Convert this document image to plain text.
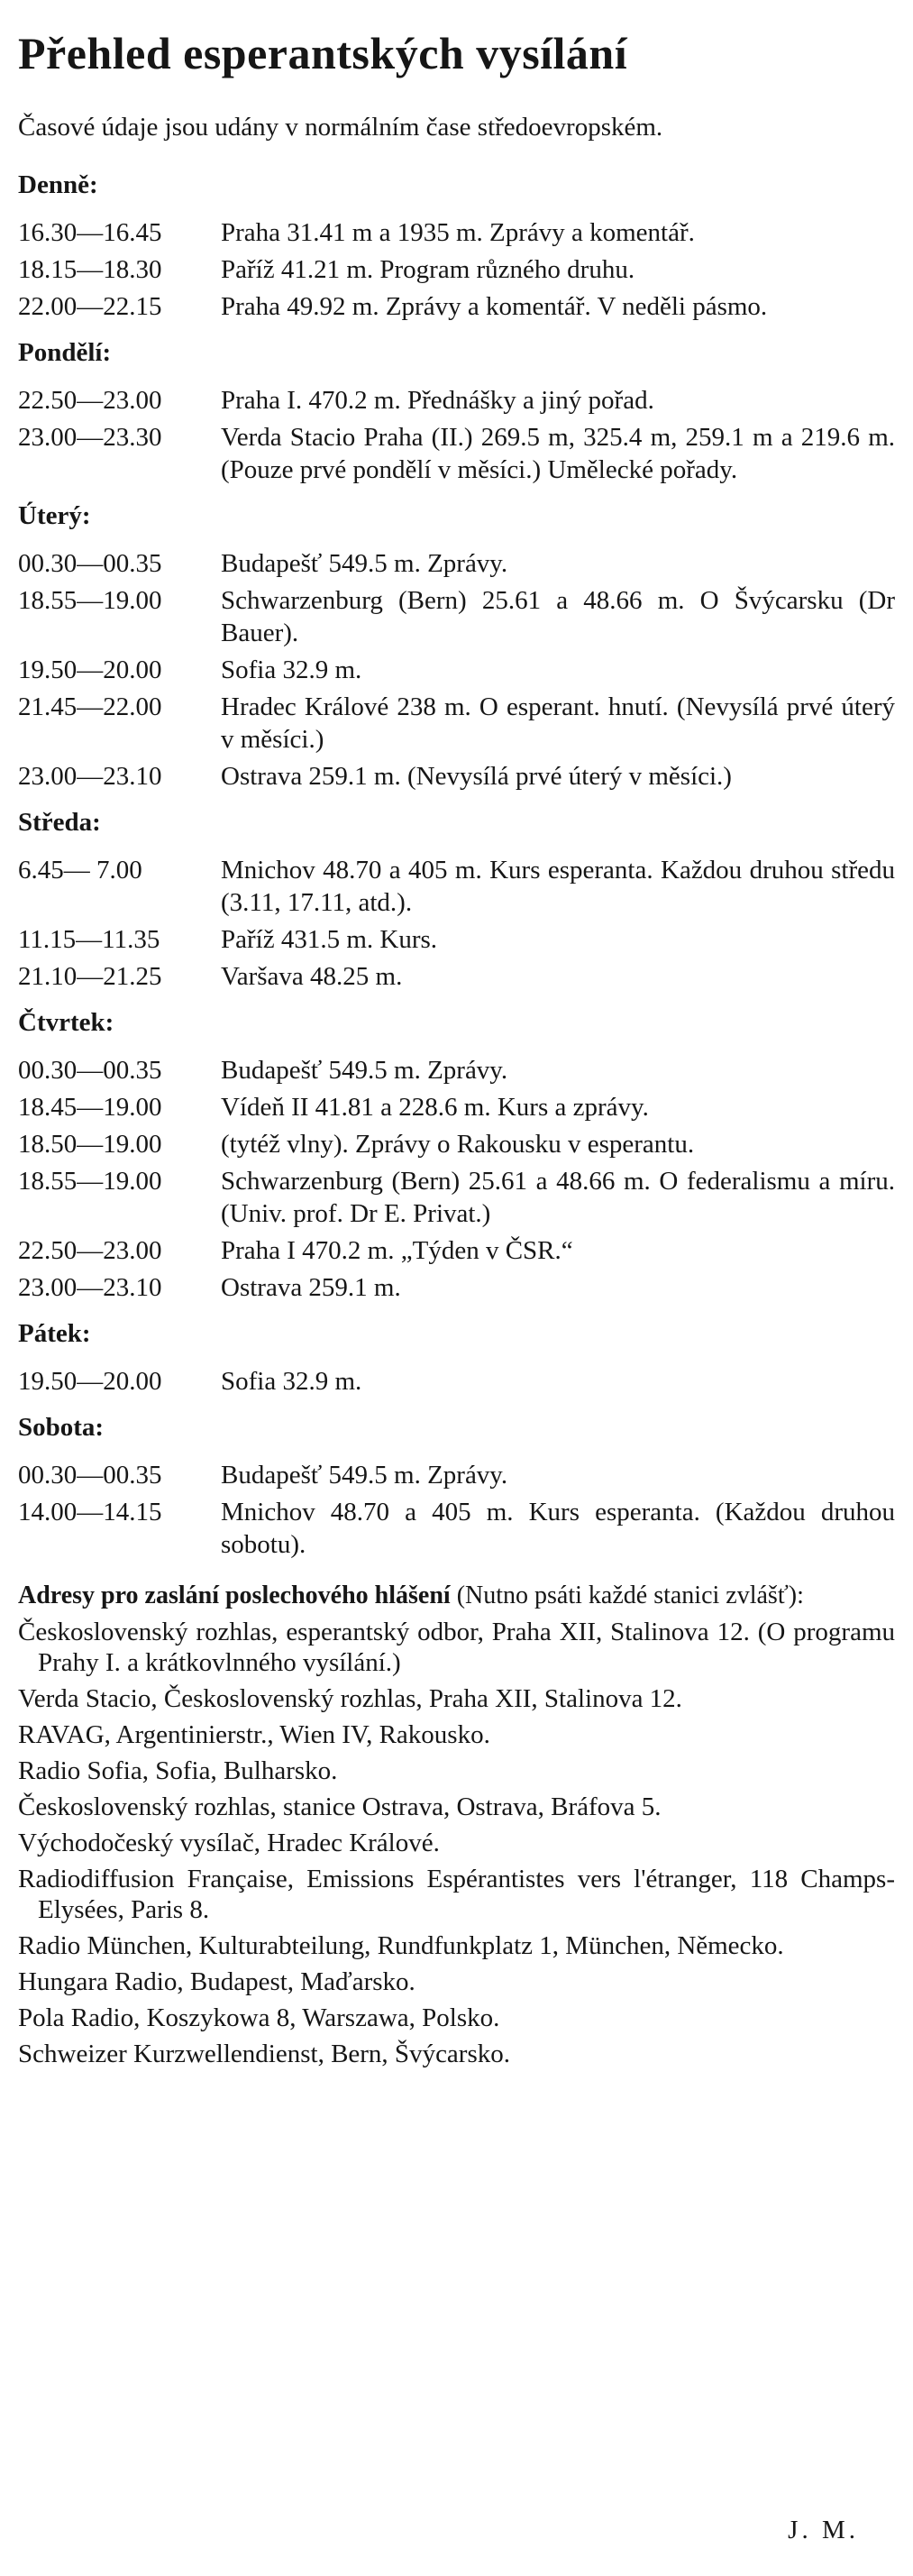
Přehled esperantských vysílání

Časové údaje jsou udány v normálním čase středoevropském.

Denně:
16.30—16.45	Praha 31.41 m a 1935 m. Zprávy a komentář.
18.15—18.30	Paříž 41.21 m. Program různého druhu.
22.00—22.15	Praha 49.92 m. Zprávy a komentář. V neděli pásmo.
Pondělí:
22.50—23.00	Praha I. 470.2 m. Přednášky a jiný pořad.
23.00—23.30	Verda Stacio Praha (II.) 269.5 m, 325.4 m, 259.1 m a 219.6 m. (Pouze prvé pondělí v měsíci.) Umělecké pořady.
Úterý:
00.30—00.35	Budapešť 549.5 m. Zprávy.
18.55—19.00	Schwarzenburg (Bern) 25.61 a 48.66 m. O Švýcarsku (Dr Bauer).
19.50—20.00	Sofia 32.9 m.
21.45—22.00	Hradec Králové 238 m. O esperant. hnutí. (Nevysílá prvé úterý v měsíci.)
23.00—23.10	Ostrava 259.1 m. (Nevysílá prvé úterý v měsíci.)
Středa:
6.45— 7.00	Mnichov 48.70 a 405 m. Kurs esperanta. Každou druhou středu (3.11, 17.11, atd.).
11.15—11.35	Paříž 431.5 m. Kurs.
21.10—21.25	Varšava 48.25 m.
Čtvrtek:
00.30—00.35	Budapešť 549.5 m. Zprávy.
18.45—19.00	Vídeň II 41.81 a 228.6 m. Kurs a zprávy.
18.50—19.00	(tytéž vlny). Zprávy o Rakousku v esperantu.
18.55—19.00	Schwarzenburg (Bern) 25.61 a 48.66 m. O federalismu a míru. (Univ. prof. Dr E. Privat.)
22.50—23.00	Praha I 470.2 m. „Týden v ČSR.“
23.00—23.10	Ostrava 259.1 m.
Pátek:
19.50—20.00	Sofia 32.9 m.
Sobota:
00.30—00.35	Budapešť 549.5 m. Zprávy.
14.00—14.15	Mnichov 48.70 a 405 m. Kurs esperanta. (Každou druhou sobotu).

Adresy pro zaslání poslechového hlášení (Nutno psáti každé stanici zvlášť):

Československý rozhlas, esperantský odbor, Praha XII, Stalinova 12. (O programu Prahy I. a krátkovlnného vysílání.)

Verda Stacio, Československý rozhlas, Praha XII, Stalinova 12.

RAVAG, Argentinierstr., Wien IV, Rakousko.

Radio Sofia, Sofia, Bulharsko.

Československý rozhlas, stanice Ostrava, Ostrava, Bráfova 5.

Východočeský vysílač, Hradec Králové.

Radiodiffusion Française, Emissions Espérantistes vers l'étranger, 118 Champs-Elysées, Paris 8.

Radio München, Kulturabteilung, Rundfunkplatz 1, München, Německo.

Hungara Radio, Budapest, Maďarsko.

Pola Radio, Koszykowa 8, Warszawa, Polsko.

Schweizer Kurzwellendienst, Bern, Švýcarsko.

J. M.
